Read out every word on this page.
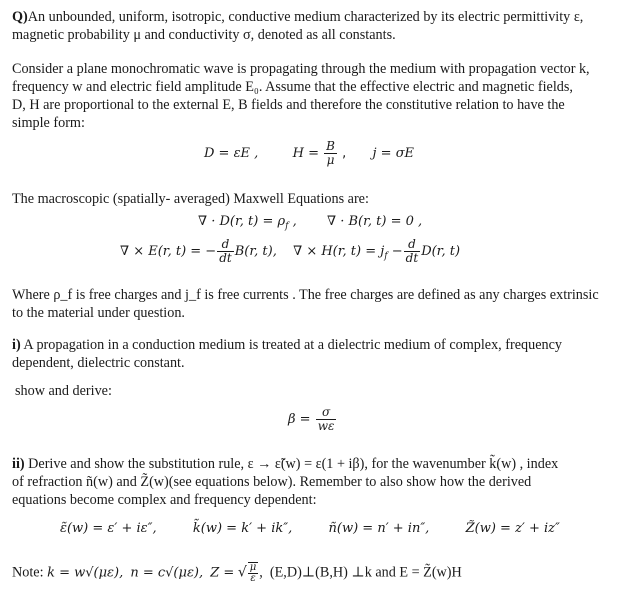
Q)An unbounded, uniform, isotropic, conductive medium characterized by its electric permittivity ε,
magnetic probability μ and conductivity σ, denoted as all constants.
Consider a plane monochromatic wave is propagating through the medium with propagation vector k,
frequency w and electric field amplitude E₀. Assume that the effective electric and magnetic fields,
D, H are proportional to the external E, B fields and therefore the constitutive relation to have the
simple form:
D = εE ,	$H = \frac{B}{\mu}$ , j = σE
The macroscopic (spatially- averaged) Maxwell Equations are:
∇ · D(r, $t) = \rho_f$ , ∇ · B(r, t) = 0 ,
∇ × E(r, t) = − $\frac{d}{dt} B(r$, t), ∇ × H(r, $t) = j_f - \frac{d}{dt} D(r$, t)
Where ρ_f is free charges and j_f is free currents . The free charges are defined as any charges extrinsic
to the material under question.
i) A propagation in a conduction medium is treated at a dielectric medium of complex, frequency
dependent, dielectric constant.
show and derive:
$\beta = \frac{\sigma}{w\varepsilon}$
ii) Derive and show the substitution rule, ε → ε̃(w) = ε(1 + iβ), for the wavenumber k̃(w) , index
of refraction ñ(w) and Z̃(w)(see equations below). Remember to also show how the derived
equations become complex and frequency dependent:
ε̃(w) = ε′ + iε″,	k̃(w) = k′ + ik″,	ñ(w) = n′ + in″,	Z̃(w) = z′ + iz″
Note: k = w√(με), n = c√(με), Z = √ $\frac{\mu}{\varepsilon}$ , (E,D)⊥(B,H) ⊥k and E = Z̃(w)H
